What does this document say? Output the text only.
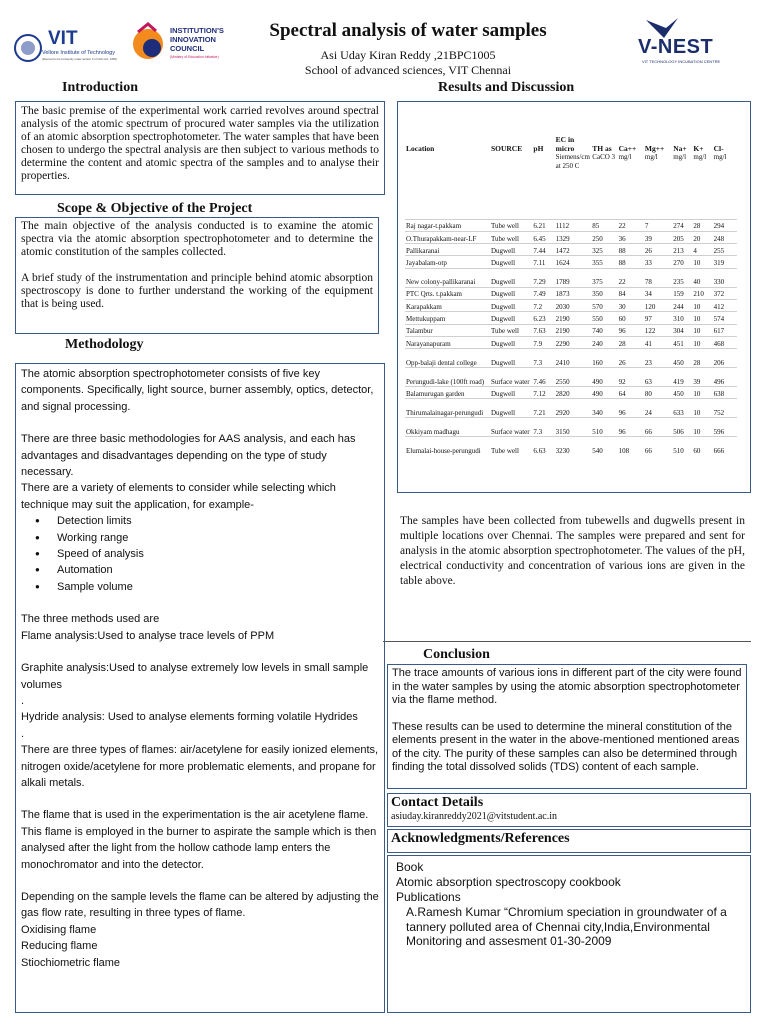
VIT
Vellore Institute of Technology
(Deemed to be University under section 3 of UGC Act, 1956)
INSTITUTION'S
INNOVATION
COUNCIL
(Ministry of Education Initiative)
Spectral analysis of water samples
Asi Uday Kiran Reddy ,21BPC1005
School of advanced sciences, VIT Chennai
V-NEST
VIT TECHNOLOGY INCUBATION CENTRE
Introduction

The basic premise of the experimental work carried revolves around spectral analysis of the atomic spectrum of procured water samples via the utilization of an atomic absorption spectrophotometer. The water samples that have been chosen to undergo the spectral analysis are then subject to various methods to determine the content and atomic spectra of the samples and to analyse their properties.

Scope & Objective of the Project

The main objective of the analysis conducted is to examine the atomic spectra via the atomic absorption spectrophotometer and to determine the atomic constitution of the samples collected.

A brief study of the instrumentation and principle behind atomic absorption spectroscopy is done to further understand the working of the equipment that is being used.

Methodology
The atomic absorption spectrophotometer consists of five key components. Specifically, light source, burner assembly, optics, detector, and signal processing.
There are three basic methodologies for AAS analysis, and each has advantages and disadvantages depending on the type of study necessary.
There are a variety of elements to consider while selecting which technique may suit the application, for example-
● Detection limits
● Working range
● Speed of analysis
● Automation
● Sample volume
The three methods used are
Flame analysis:Used to analyse trace levels of PPM
Graphite analysis:Used to analyse extremely low levels in small sample volumes
.
Hydride analysis: Used to analyse elements forming volatile Hydrides
.
There are three types of flames: air/acetylene for easily ionized elements, nitrogen oxide/acetylene for more problematic elements, and propane for alkali metals.
The flame that is used in the experimentation is the air acetylene flame. This flame is employed in the burner to aspirate the sample which is then analysed after the light from the hollow cathode lamp enters the monochromator and into the detector.
Depending on the sample levels the flame can be altered by adjusting the gas flow rate, resulting in three types of flame.
Oxidising flame
Reducing flame
Stiochiometric flame
Results and Discussion
Location	SOURCE	pH	EC in micro	TH as	Ca++	Mg++	Na+	K+	Cl-
			Siemens/cm at 250 C	CaCO 3	mg/l	mg/l	mg/l	mg/l	mg/l
Raj nagar-t.pakkam	Tube well	6.21	1112	85	22	7	274	28	294
O.Thurapakkam-near-LF	Tube well	6.45	1329	250	36	39	205	20	248
Pallikaranai	Dugwell	7.44	1472	325	88	26	213	4	255
Jayabalam-otp	Dugwell	7.11	1624	355	88	33	270	10	319
New colony-pallikaranai	Dugwell	7.29	1789	375	22	78	235	40	330
PTC Qrts. t.pakkam	Dugwell	7.49	1873	350	84	34	159	210	372
Karapakkam	Dugwell	7.2	2030	570	30	120	244	10	412
Mettukuppam	Dugwell	6.23	2190	550	60	97	310	10	574
Talambur	Tube well	7.63	2190	740	96	122	304	10	617
Narayanapuram	Dugwell	7.9	2290	240	28	41	451	10	468
Opp-balaji dental college	Dugwell	7.3	2410	160	26	23	450	28	206
Perungudi-lake (100ft road)	Surface water	7.46	2550	490	92	63	419	39	496
Balamurugan garden	Dugwell	7.12	2820	490	64	80	450	10	638
Thirumalainagar-perungudi	Dugwell	7.21	2920	340	96	24	633	10	752
Okkiyam madhagu	Surface water	7.3	3150	510	96	66	506	10	596
Elumalai-house-perungudi	Tube well	6.63	3230	540	108	66	510	60	666

The samples have been collected from tubewells and dugwells present in multiple locations over Chennai. The samples were prepared and sent for analysis in the atomic absorption spectrophotometer. The values of the pH, electrical conductivity and concentration of various ions are given in the table above.

Conclusion
The trace amounts of various ions in different part of the city were found in the water samples by using the atomic absorption spectrophotometer via the flame method.
These results can be used to determine the mineral constitution of the elements present in the water in the above-mentioned mentioned areas of the city. The purity of these samples can also be determined through finding the total dissolved solids (TDS) content of each sample.
Contact Details
asiuday.kiranreddy2021@vitstudent.ac.in
Acknowledgments/References
Book
Atomic absorption spectroscopy cookbook
Publications
A.Ramesh Kumar “Chromium speciation in groundwater of a tannery polluted area of Chennai city,India,Environmental Monitoring and assesment 01-30-2009
